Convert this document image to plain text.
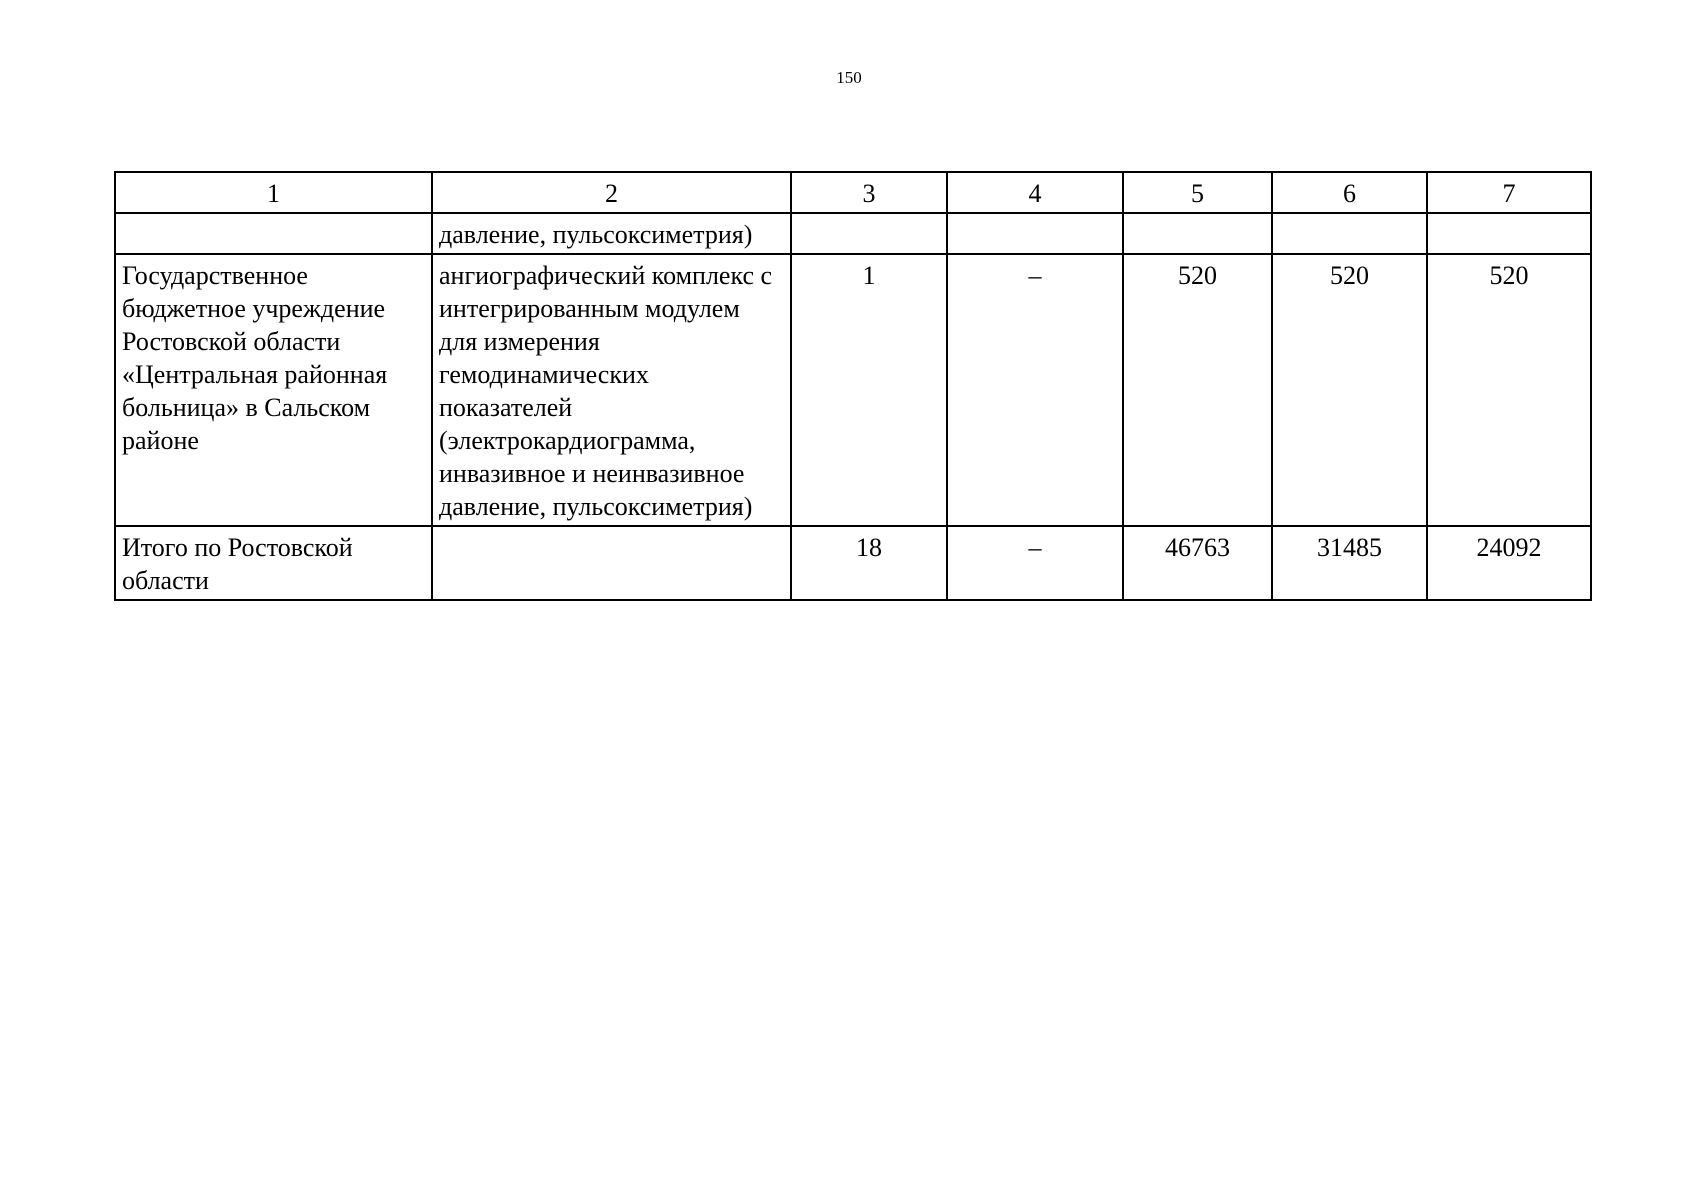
150
1	2	3	4	5	6	7
	давление, пульсоксиметрия)					
Государственное бюджетное учреждение Ростовской области «Центральная районная больница» в Сальском районе	ангиографический комплекс с интегрированным модулем для измерения гемодинамических показателей (электрокардиограмма, инвазивное и неинвазивное давление, пульсоксиметрия)	1	–	520	520	520
Итого по Ростовской области		18	–	46763	31485	24092
